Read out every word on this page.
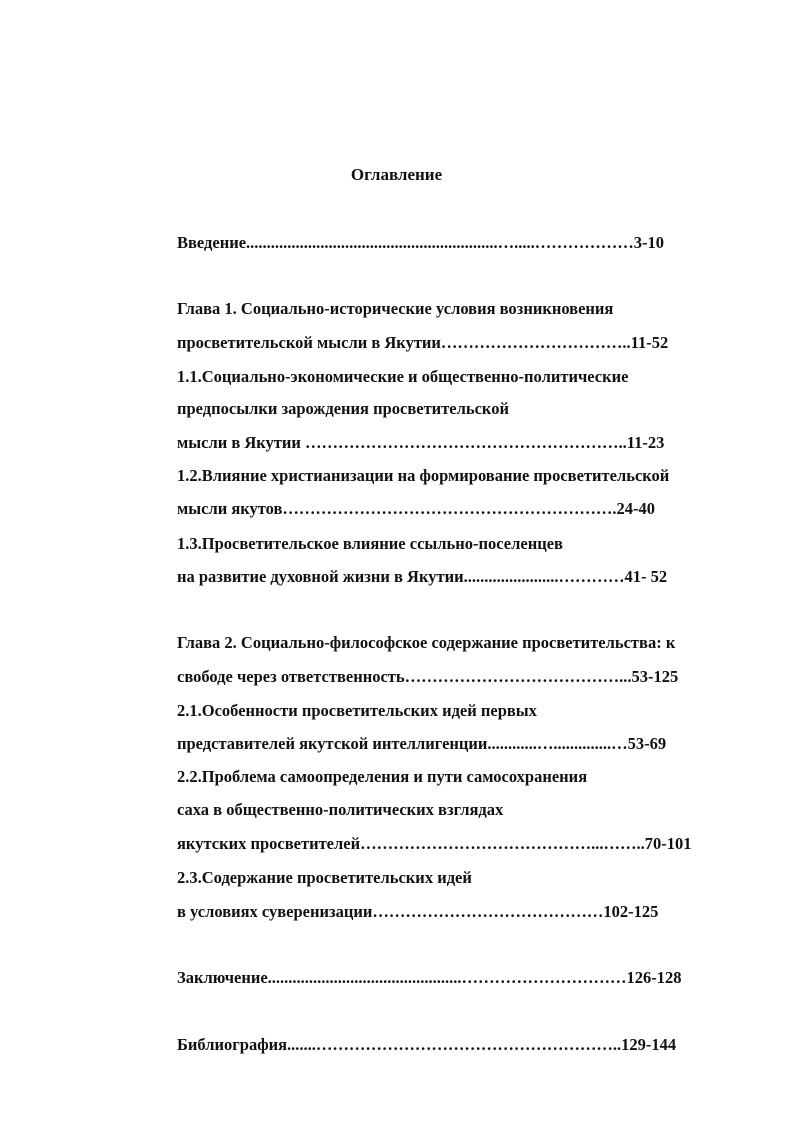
Оглавление
Введение.............................................................….....………………3-10
Глава 1. Социально-исторические условия возникновения
просветительской мысли в Якутии……………………………..11-52
1.1.Социально-экономические и общественно-политические
предпосылки зарождения просветительской
мысли в Якутии …………………………………………………..11-23
1.2.Влияние христианизации на формирование просветительской
мысли якутов…………………………………………………….24-40
1.3.Просветительское влияние ссыльно-поселенцев
на развитие духовной жизни в Якутии.......................…………41- 52
Глава 2. Социально-философское содержание просветительства: к
свободе через ответственность…………………………………...53-125
2.1.Особенности просветительских идей первых
представителей якутской интеллигенции............…..............…53-69
2.2.Проблема самоопределения и пути самосохранения
саха в общественно-политических взглядах
якутских просветителей……………………………………...……..70-101
2.3.Содержание просветительских идей
в условиях суверенизации……………………………………102-125
Заключение...............................................…………………………126-128
Библиография.......………………………………………………..129-144
